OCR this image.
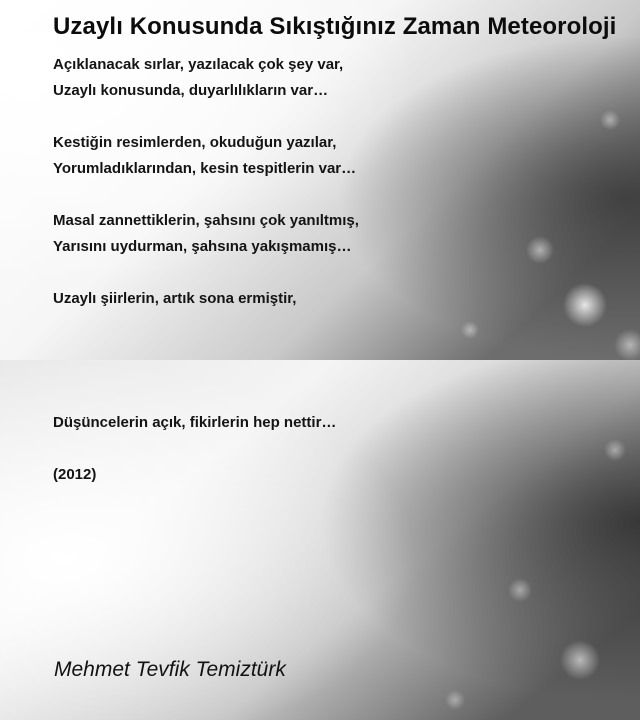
Uzaylı Konusunda Sıkıştığınız Zaman Meteoroloji
Açıklanacak sırlar, yazılacak çok şey var,
Uzaylı konusunda, duyarlılıkların var…
Kestiğin resimlerden, okuduğun yazılar,
Yorumladıklarından, kesin tespitlerin var…
Masal zannettiklerin, şahsını çok yanıltmış,
Yarısını uydurman, şahsına yakışmamış…
Uzaylı şiirlerin, artık sona ermiştir,
Düşüncelerin açık, fikirlerin hep nettir…
(2012)
Mehmet Tevfik Temiztürk
